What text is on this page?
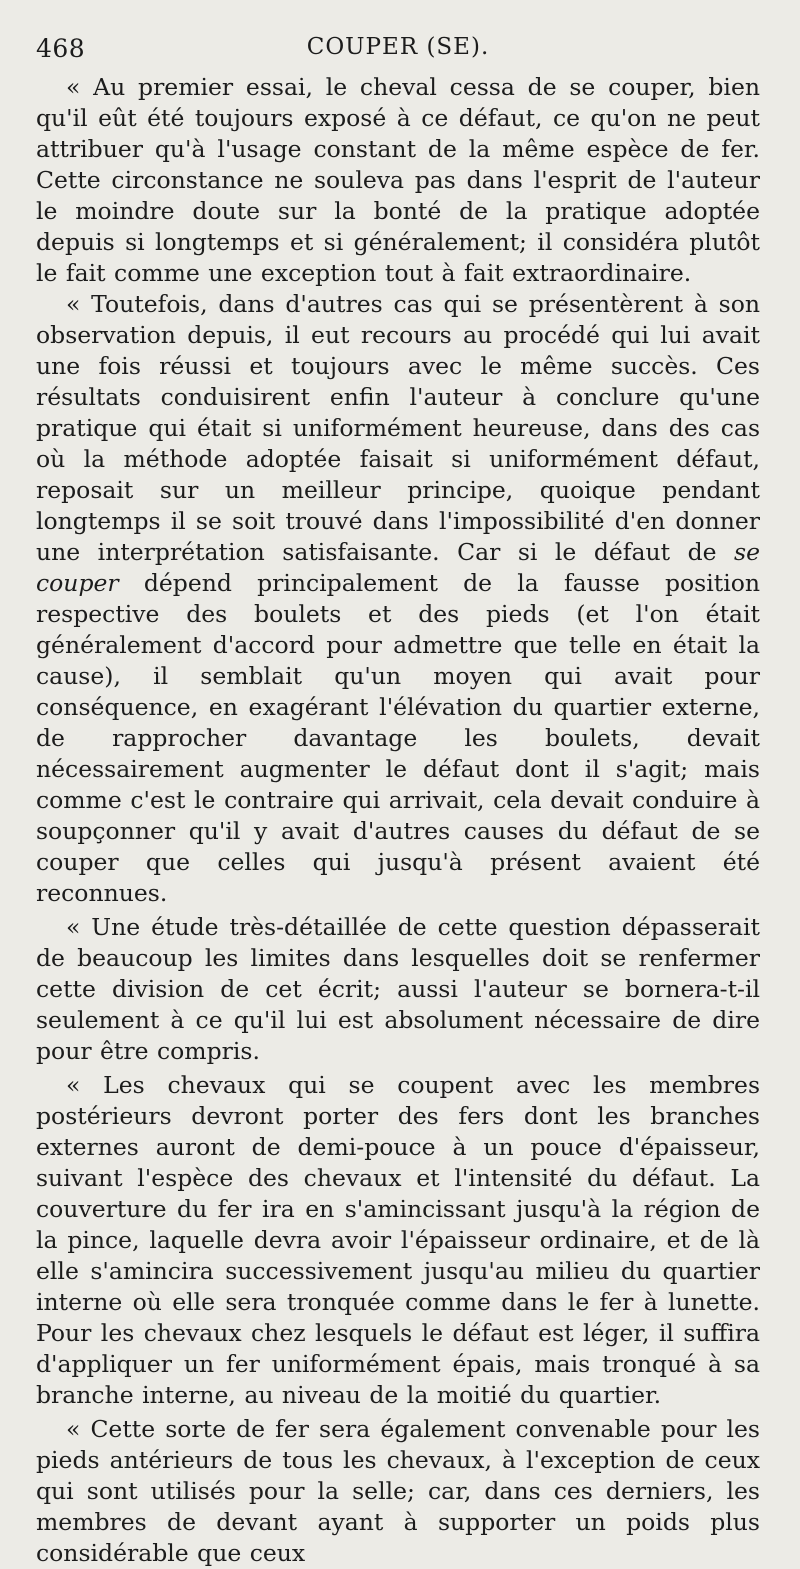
468	COUPER (SE).

« Au premier essai, le cheval cessa de se couper, bien qu'il eût été toujours exposé à ce défaut, ce qu'on ne peut attribuer qu'à l'usage constant de la même espèce de fer. Cette circonstance ne souleva pas dans l'esprit de l'auteur le moindre doute sur la bonté de la pratique adoptée depuis si longtemps et si généralement; il considéra plutôt le fait comme une exception tout à fait extraordinaire.

« Toutefois, dans d'autres cas qui se présentèrent à son observation depuis, il eut recours au procédé qui lui avait une fois réussi et toujours avec le même succès. Ces résultats conduisirent enfin l'auteur à conclure qu'une pratique qui était si uniformément heureuse, dans des cas où la méthode adoptée faisait si uniformément défaut, reposait sur un meilleur principe, quoique pendant longtemps il se soit trouvé dans l'impossibilité d'en donner une interprétation satisfaisante. Car si le défaut de se couper dépend principalement de la fausse position respective des boulets et des pieds (et l'on était généralement d'accord pour admettre que telle en était la cause), il semblait qu'un moyen qui avait pour conséquence, en exagérant l'élévation du quartier externe, de rapprocher davantage les boulets, devait nécessairement augmenter le défaut dont il s'agit; mais comme c'est le contraire qui arrivait, cela devait conduire à soupçonner qu'il y avait d'autres causes du défaut de se couper que celles qui jusqu'à présent avaient été reconnues.

« Une étude très-détaillée de cette question dépasserait de beaucoup les limites dans lesquelles doit se renfermer cette division de cet écrit; aussi l'auteur se bornera-t-il seulement à ce qu'il lui est absolument nécessaire de dire pour être compris.

« Les chevaux qui se coupent avec les membres postérieurs devront porter des fers dont les branches externes auront de demi-pouce à un pouce d'épaisseur, suivant l'espèce des chevaux et l'intensité du défaut. La couverture du fer ira en s'amincissant jusqu'à la région de la pince, laquelle devra avoir l'épaisseur ordinaire, et de là elle s'amincira successivement jusqu'au milieu du quartier interne où elle sera tronquée comme dans le fer à lunette. Pour les chevaux chez lesquels le défaut est léger, il suffira d'appliquer un fer uniformément épais, mais tronqué à sa branche interne, au niveau de la moitié du quartier.

« Cette sorte de fer sera également convenable pour les pieds antérieurs de tous les chevaux, à l'exception de ceux qui sont utilisés pour la selle; car, dans ces derniers, les membres de devant ayant à supporter un poids plus considérable que ceux
